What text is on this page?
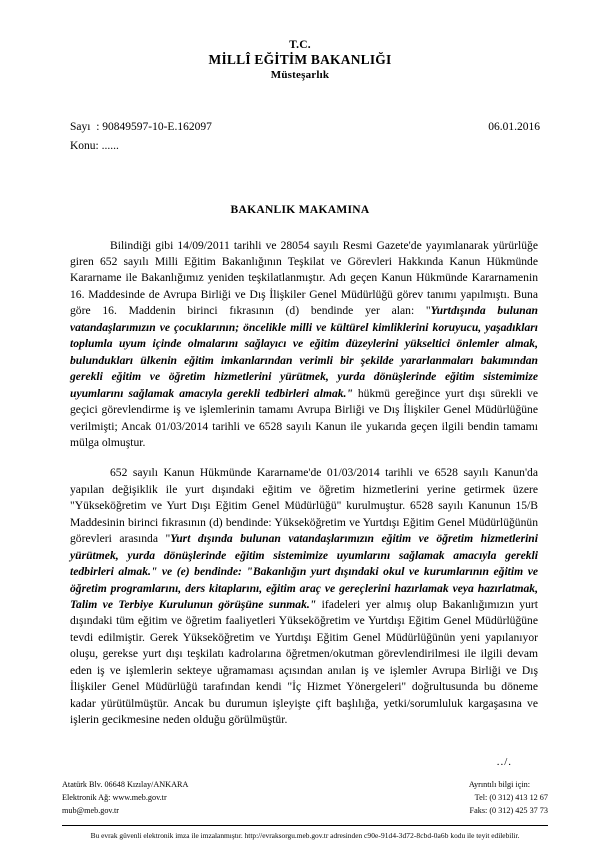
T.C.
MİLLÎ EĞİTİM BAKANLIĞI
Müsteşarlık
Sayı  : 90849597-10-E.162097	06.01.2016
Konu: ......
BAKANLIK MAKAMINA

Bilindiği gibi 14/09/2011 tarihli ve 28054 sayılı Resmi Gazete'de yayımlanarak yürürlüğe giren 652 sayılı Milli Eğitim Bakanlığının Teşkilat ve Görevleri Hakkında Kanun Hükmünde Kararname ile Bakanlığımız yeniden teşkilatlanmıştır. Adı geçen Kanun Hükmünde Kararnamenin 16. Maddesinde de Avrupa Birliği ve Dış İlişkiler Genel Müdürlüğü görev tanımı yapılmıştı. Buna göre 16. Maddenin birinci fıkrasının (d) bendinde yer alan: "Yurtdışında bulunan vatandaşlarımızın ve çocuklarının; öncelikle milli ve kültürel kimliklerini koruyucu, yaşadıkları toplumla uyum içinde olmalarını sağlayıcı ve eğitim düzeylerini yükseltici önlemler almak, bulundukları ülkenin eğitim imkanlarından verimli bir şekilde yararlanmaları bakımından gerekli eğitim ve öğretim hizmetlerini yürütmek, yurda dönüşlerinde eğitim sistemimize uyumlarını sağlamak amacıyla gerekli tedbirleri almak." hükmü gereğince yurt dışı sürekli ve geçici görevlendirme iş ve işlemlerinin tamamı Avrupa Birliği ve Dış İlişkiler Genel Müdürlüğüne verilmişti; Ancak 01/03/2014 tarihli ve 6528 sayılı Kanun ile yukarıda geçen ilgili bendin tamamı mülga olmuştur.

652 sayılı Kanun Hükmünde Kararname'de 01/03/2014 tarihli ve 6528 sayılı Kanun'da yapılan değişiklik ile yurt dışındaki eğitim ve öğretim hizmetlerini yerine getirmek üzere "Yükseköğretim ve Yurt Dışı Eğitim Genel Müdürlüğü" kurulmuştur. 6528 sayılı Kanunun 15/B Maddesinin birinci fıkrasının (d) bendinde: Yükseköğretim ve Yurtdışı Eğitim Genel Müdürlüğünün görevleri arasında "Yurt dışında bulunan vatandaşlarımızın eğitim ve öğretim hizmetlerini yürütmek, yurda dönüşlerinde eğitim sistemimize uyumlarını sağlamak amacıyla gerekli tedbirleri almak." ve (e) bendinde: "Bakanlığın yurt dışındaki okul ve kurumlarının eğitim ve öğretim programlarını, ders kitaplarını, eğitim araç ve gereçlerini hazırlamak veya hazırlatmak, Talim ve Terbiye Kurulunun görüşüne sunmak." ifadeleri yer almış olup Bakanlığımızın yurt dışındaki tüm eğitim ve öğretim faaliyetleri Yükseköğretim ve Yurtdışı Eğitim Genel Müdürlüğüne tevdi edilmiştir. Gerek Yükseköğretim ve Yurtdışı Eğitim Genel Müdürlüğünün yeni yapılanıyor oluşu, gerekse yurt dışı teşkilatı kadrolarına öğretmen/okutman görevlendirilmesi ile ilgili devam eden iş ve işlemlerin sekteye uğramaması açısından anılan iş ve işlemler Avrupa Birliği ve Dış İlişkiler Genel Müdürlüğü tarafından kendi "İç Hizmet Yönergeleri" doğrultusunda bu döneme kadar yürütülmüştür. Ancak bu durumun işleyişte çift başlılığa, yetki/sorumluluk kargaşasına ve işlerin gecikmesine neden olduğu görülmüştür.

../.
Atatürk Blv. 06648 Kızılay/ANKARA
Elektronik Ağ: www.meb.gov.tr
mub@meb.gov.tr
Ayrıntılı bilgi için:
Tel: (0 312) 413 12 67
Faks: (0 312) 425 37 73
Bu evrak güvenli elektronik imza ile imzalanmıştır. http://evraksorgu.meb.gov.tr adresinden c90e-91d4-3d72-8cbd-0a6b kodu ile teyit edilebilir.
